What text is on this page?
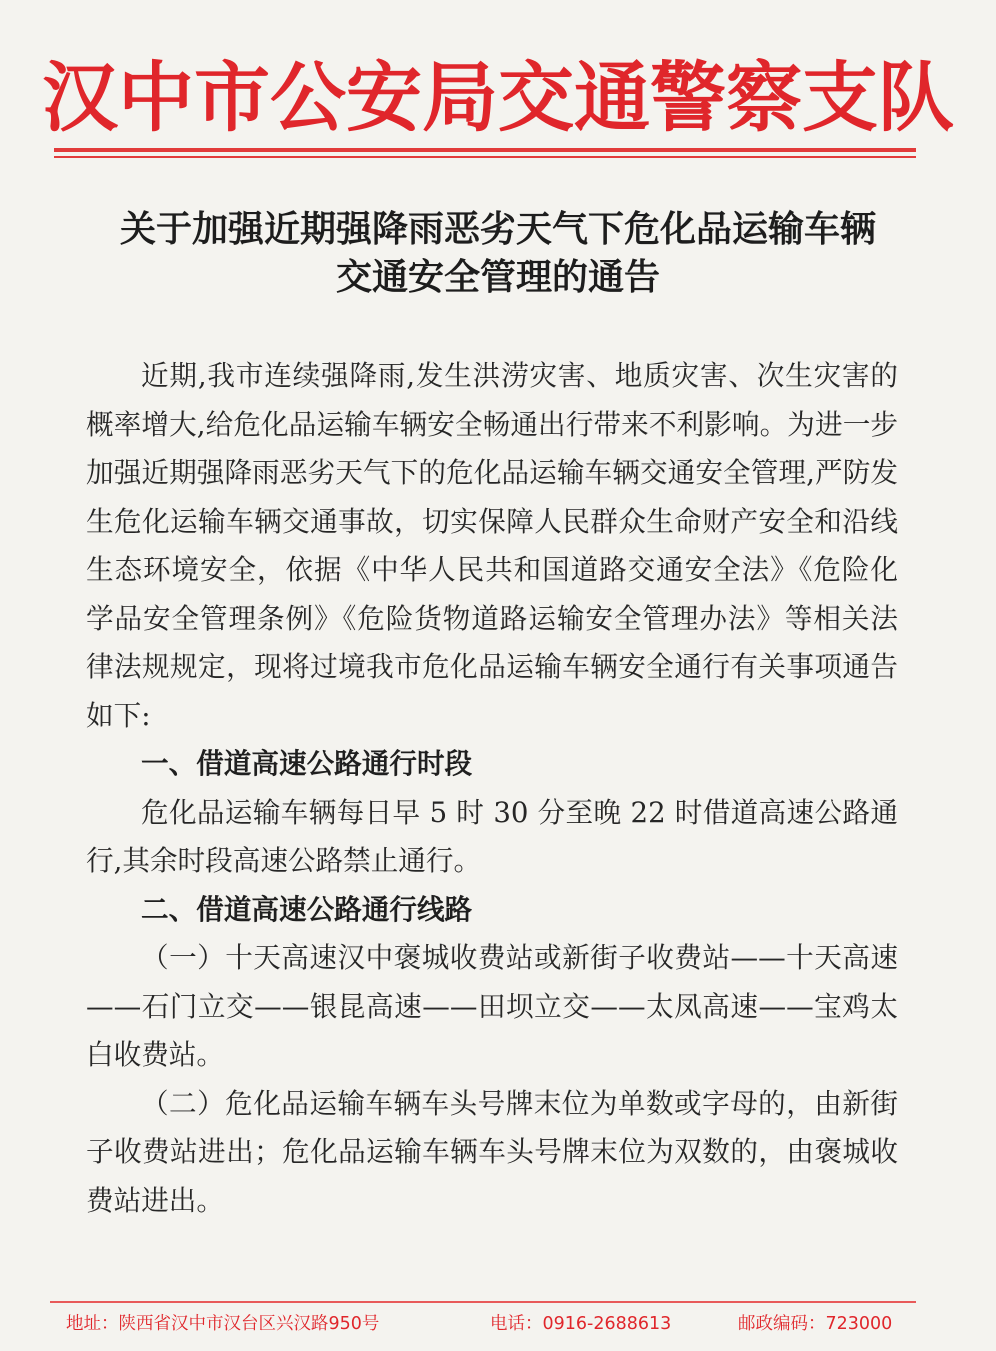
汉中市公安局交通警察支队
关于加强近期强降雨恶劣天气下危化品运输车辆
交通安全管理的通告

近期,我市连续强降雨,发生洪涝灾害、地质灾害、次生灾害的概率增大,给危化品运输车辆安全畅通出行带来不利影响。为进一步加强近期强降雨恶劣天气下的危化品运输车辆交通安全管理,严防发生危化运输车辆交通事故，切实保障人民群众生命财产安全和沿线生态环境安全，依据《中华人民共和国道路交通安全法》《危险化学品安全管理条例》《危险货物道路运输安全管理办法》等相关法律法规规定，现将过境我市危化品运输车辆安全通行有关事项通告如下:

一、借道高速公路通行时段

危化品运输车辆每日早 5 时 30 分至晚 22 时借道高速公路通行,其余时段高速公路禁止通行。

二、借道高速公路通行线路

（一）十天高速汉中褒城收费站或新街子收费站——十天高速——石门立交——银昆高速——田坝立交——太凤高速——宝鸡太白收费站。

（二）危化品运输车辆车头号牌末位为单数或字母的，由新街子收费站进出；危化品运输车辆车头号牌末位为双数的，由褒城收费站进出。

地址：陕西省汉中市汉台区兴汉路950号	电话：0916-2688613	邮政编码：723000
